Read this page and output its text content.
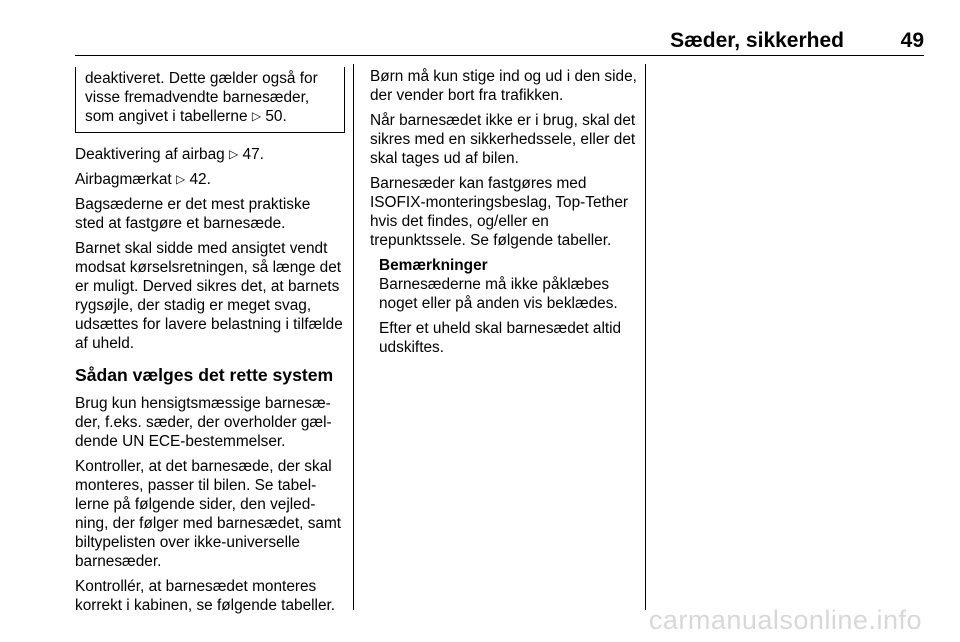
Sæder, sikkerhed	49
deaktiveret. Dette gælder også for
visse fremadvendte barnesæder,
som angivet i tabellerne ▷ 50.

Deaktivering af airbag ▷ 47.

Airbagmærkat ▷ 42.

Bagsæderne er det mest praktiske sted at fastgøre et barnesæde.

Barnet skal sidde med ansigtet vendt modsat kørselsretningen, så længe det er muligt. Derved sikres det, at barnets rygsøjle, der stadig er meget svag, udsættes for lavere belastning i tilfælde af uheld.

Sådan vælges det rette system

Brug kun hensigtsmæssige barnesæder, f.eks. sæder, der overholder gældende UN ECE-bestemmelser.

Kontroller, at det barnesæde, der skal monteres, passer til bilen. Se tabellerne på følgende sider, den vejledning, der følger med barnesædet, samt biltypelisten over ikke-universelle barnesæder.

Kontrollér, at barnesædet monteres korrekt i kabinen, se følgende tabeller.

Børn må kun stige ind og ud i den side, der vender bort fra trafikken.

Når barnesædet ikke er i brug, skal det sikres med en sikkerhedssele, eller det skal tages ud af bilen.

Barnesæder kan fastgøres med ISOFIX-monteringsbeslag, Top-Tether hvis det findes, og/eller en trepunktssele. Se følgende tabeller.

Bemærkninger

Barnesæderne må ikke påklæbes noget eller på anden vis beklædes.

Efter et uheld skal barnesædet altid udskiftes.

carmanualsonline.info
